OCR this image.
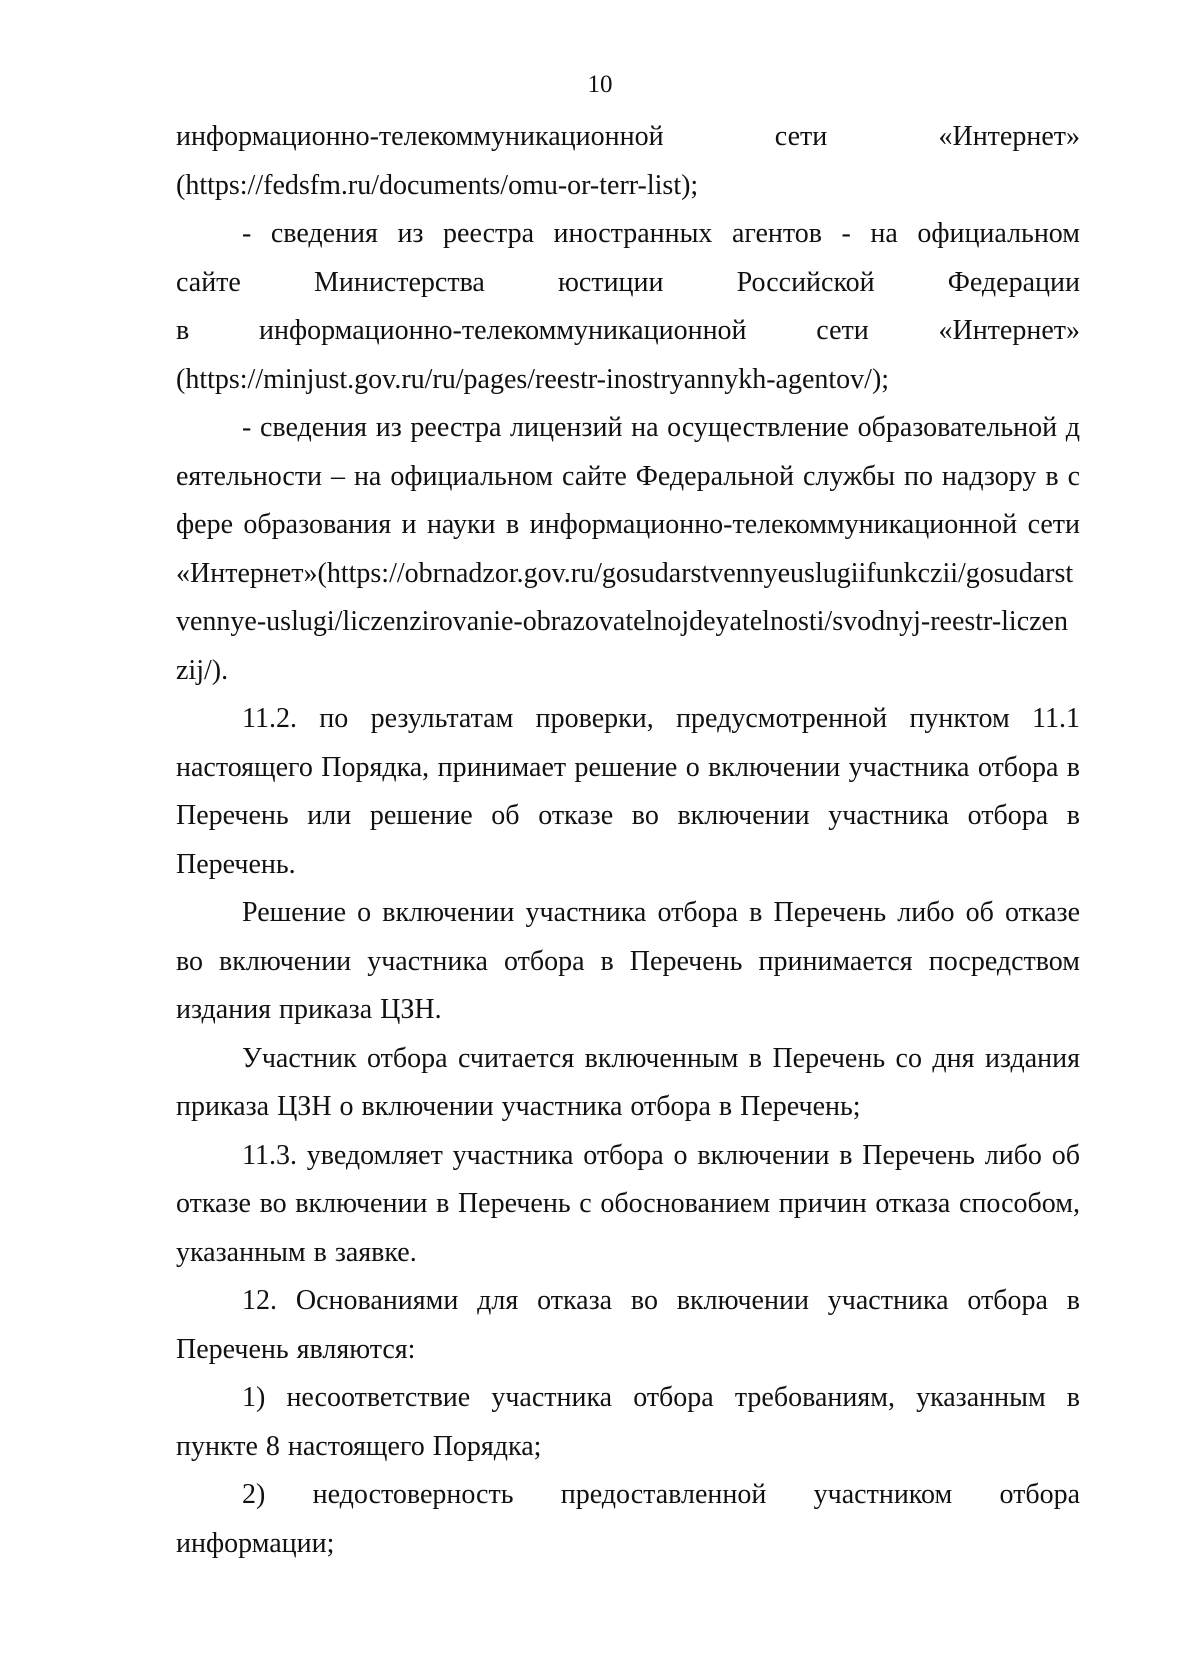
10
информационно-телекоммуникационной сети «Интернет»
(https://fedsfm.ru/documents/omu-or-terr-list);
- сведения из реестра иностранных агентов - на официальном
сайте Министерства юстиции Российской Федерации
в информационно-телекоммуникационной сети «Интернет»
(https://minjust.gov.ru/ru/pages/reestr-inostryannykh-agentov/);

- сведения из реестра лицензий на осуществление образовательной деятельности – на официальном сайте Федеральной службы по надзору в сфере образования и науки в информационно-телекоммуникационной сети «Интернет»(https://obrnadzor.gov.ru/gosudarstvennyeuslugiifunkczii/gosudarstvennye-uslugi/liczenzirovanie-obrazovatelnojdeyatelnosti/svodnyj-reestr-liczenzij/).

11.2. по результатам проверки, предусмотренной пунктом 11.1 настоящего Порядка, принимает решение о включении участника отбора в Перечень или решение об отказе во включении участника отбора в Перечень.

Решение о включении участника отбора в Перечень либо об отказе во включении участника отбора в Перечень принимается посредством издания приказа ЦЗН.

Участник отбора считается включенным в Перечень со дня издания приказа ЦЗН о включении участника отбора в Перечень;

11.3. уведомляет участника отбора о включении в Перечень либо об отказе во включении в Перечень с обоснованием причин отказа способом, указанным в заявке.

12. Основаниями для отказа во включении участника отбора в Перечень являются:

1) несоответствие участника отбора требованиям, указанным в пункте 8 настоящего Порядка;

2) недостоверность предоставленной участником отбора информации;
